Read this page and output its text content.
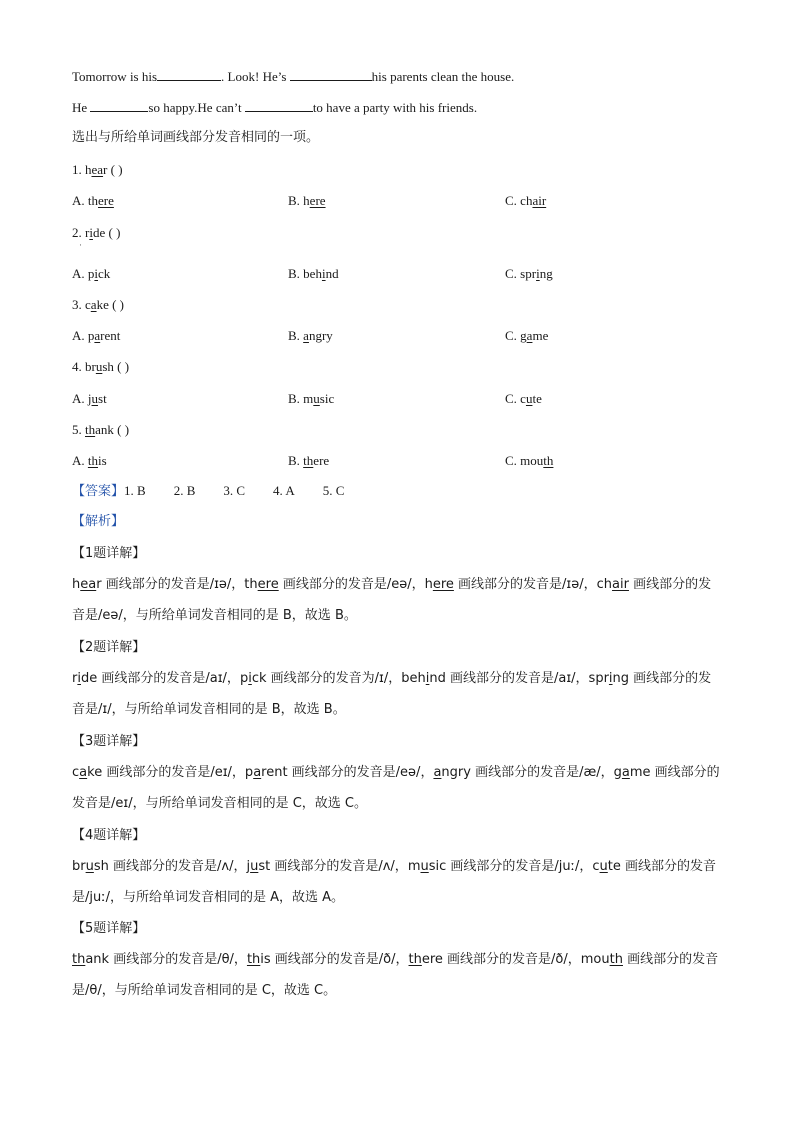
Tomorrow is his	. Look! He’s	his parents clean the house.
He	so happy.He can’t	to have a party with his friends.
选出与所给单词画线部分发音相同的一项。
1. hear ( )
A. there	B. here	C. chair
2. ride ( )
A. pick	B. behind	C. spring
3. cake ( )
A. parent	B. angry	C. game
4. brush ( )
A. just	B. music	C. cute
5. thank ( )
A. this	B. there	C. mouth
·
【答案】1. B 2. B 3. C 4. A 5. C
【解析】
【1题详解】
hear 画线部分的发音是/ɪə/，there 画线部分的发音是/eə/，here 画线部分的发音是/ɪə/，chair 画线部分的发音是/eə/，与所给单词发音相同的是 B，故选 B。
【2题详解】
ride 画线部分的发音是/aɪ/，pick 画线部分的发音为/ɪ/，behind 画线部分的发音是/aɪ/，spring 画线部分的发音是/ɪ/，与所给单词发音相同的是 B，故选 B。
【3题详解】
cake 画线部分的发音是/eɪ/，parent 画线部分的发音是/eə/，angry 画线部分的发音是/æ/，game 画线部分的发音是/eɪ/，与所给单词发音相同的是 C，故选 C。
【4题详解】
brush 画线部分的发音是/ʌ/，just 画线部分的发音是/ʌ/，music 画线部分的发音是/juː/，cute 画线部分的发音是/juː/，与所给单词发音相同的是 A，故选 A。
【5题详解】
thank 画线部分的发音是/θ/，this 画线部分的发音是/ð/，there 画线部分的发音是/ð/，mouth 画线部分的发音是/θ/，与所给单词发音相同的是 C，故选 C。
